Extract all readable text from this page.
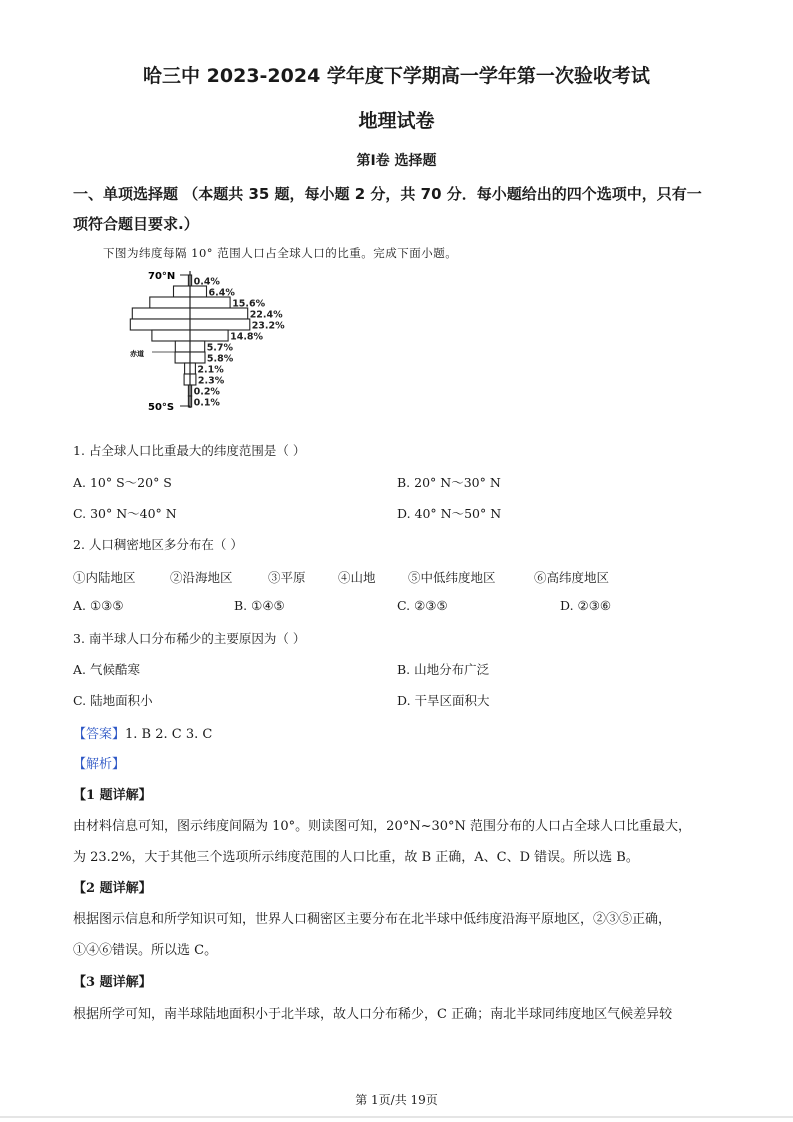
哈三中 2023-2024 学年度下学期高一学年第一次验收考试
地理试卷
第Ⅰ卷 选择题
一、单项选择题 （本题共 35 题，每小题 2 分，共 70 分．每小题给出的四个选项中，只有一
项符合题目要求.）
下图为纬度每隔 10° 范围人口占全球人口的比重。完成下面小题。
70°N
50°S
赤道
0.4%
6.4%
15.6%
22.4%
23.2%
14.8%
5.7%
5.8%
2.1%
2.3%
0.2%
0.1%
1. 占全球人口比重最大的纬度范围是（ ）
A. 10° S～20° S	B. 20° N～30° N
C. 30° N～40° N	D. 40° N～50° N
2. 人口稠密地区多分布在（ ）
①内陆地区	②沿海地区	③平原	④山地	⑤中低纬度地区	⑥高纬度地区
A. ①③⑤	B. ①④⑤	C. ②③⑤	D. ②③⑥
3. 南半球人口分布稀少的主要原因为（ ）
A. 气候酷寒	B. 山地分布广泛
C. 陆地面积小	D. 干旱区面积大
【答案】1. B 2. C 3. C
【解析】
【1 题详解】
由材料信息可知，图示纬度间隔为 10°。则读图可知，20°N~30°N 范围分布的人口占全球人口比重最大，
为 23.2%，大于其他三个选项所示纬度范围的人口比重，故 B 正确，A、C、D 错误。所以选 B。
【2 题详解】
根据图示信息和所学知识可知，世界人口稠密区主要分布在北半球中低纬度沿海平原地区，②③⑤正确，
①④⑥错误。所以选 C。
【3 题详解】
根据所学可知，南半球陆地面积小于北半球，故人口分布稀少，C 正确；南北半球同纬度地区气候差异较
第 1页/共 19页
